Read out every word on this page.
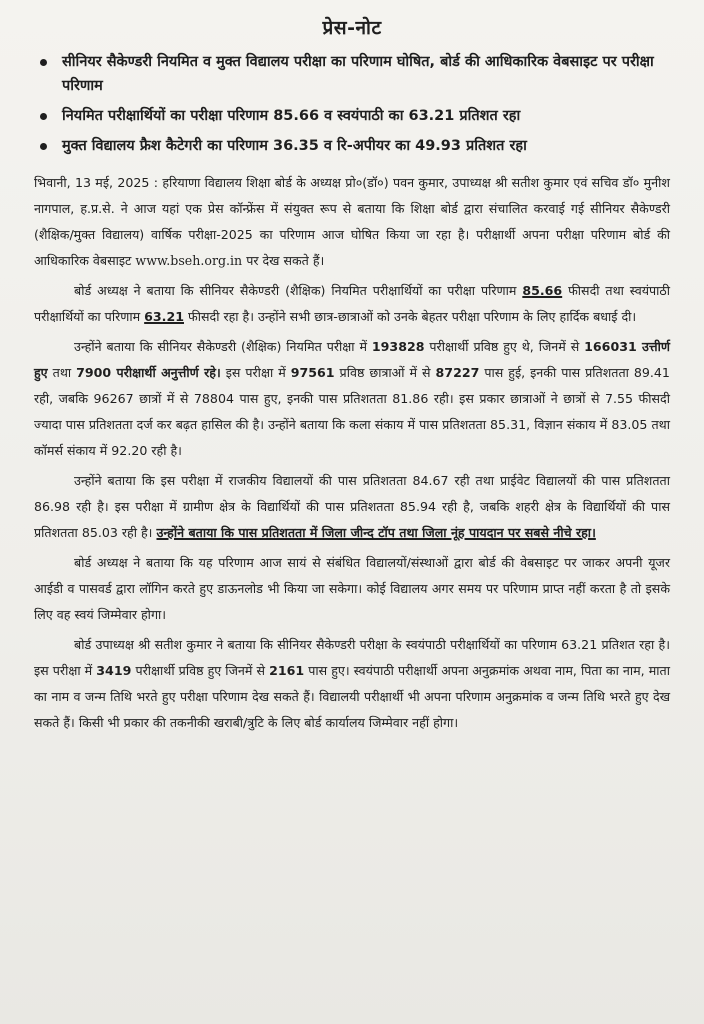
प्रेस-नोट
सीनियर सैकेण्डरी नियमित व मुक्त विद्यालय परीक्षा का परिणाम घोषित, बोर्ड की आधिकारिक वेबसाइट पर परीक्षा परिणाम
नियमित परीक्षार्थियों का परीक्षा परिणाम 85.66 व स्वयंपाठी का 63.21 प्रतिशत रहा
मुक्त विद्यालय फ्रैश कैटेगरी का परिणाम 36.35 व रि-अपीयर का 49.93 प्रतिशत रहा

भिवानी, 13 मई, 2025 : हरियाणा विद्यालय शिक्षा बोर्ड के अध्यक्ष प्रो०(डॉ०) पवन कुमार, उपाध्यक्ष श्री सतीश कुमार एवं सचिव डॉ० मुनीश नागपाल, ह.प्र.से. ने आज यहां एक प्रेस कॉन्फ्रेंस में संयुक्त रूप से बताया कि शिक्षा बोर्ड द्वारा संचालित करवाई गई सीनियर सैकेण्डरी (शैक्षिक/मुक्त विद्यालय) वार्षिक परीक्षा-2025 का परिणाम आज घोषित किया जा रहा है। परीक्षार्थी अपना परीक्षा परिणाम बोर्ड की आधिकारिक वेबसाइट www.bseh.org.in पर देख सकते हैं।

बोर्ड अध्यक्ष ने बताया कि सीनियर सैकेण्डरी (शैक्षिक) नियमित परीक्षार्थियों का परीक्षा परिणाम 85.66 फीसदी तथा स्वयंपाठी परीक्षार्थियों का परिणाम 63.21 फीसदी रहा है। उन्होंने सभी छात्र-छात्राओं को उनके बेहतर परीक्षा परिणाम के लिए हार्दिक बधाई दी।

उन्होंने बताया कि सीनियर सैकेण्डरी (शैक्षिक) नियमित परीक्षा में 193828 परीक्षार्थी प्रविष्ठ हुए थे, जिनमें से 166031 उत्तीर्ण हुए तथा 7900 परीक्षार्थी अनुत्तीर्ण रहे। इस परीक्षा में 97561 प्रविष्ठ छात्राओं में से 87227 पास हुई, इनकी पास प्रतिशतता 89.41 रही, जबकि 96267 छात्रों में से 78804 पास हुए, इनकी पास प्रतिशतता 81.86 रही। इस प्रकार छात्राओं ने छात्रों से 7.55 फीसदी ज्यादा पास प्रतिशतता दर्ज कर बढ़त हासिल की है। उन्होंने बताया कि कला संकाय में पास प्रतिशतता 85.31, विज्ञान संकाय में 83.05 तथा कॉमर्स संकाय में 92.20 रही है।

उन्होंने बताया कि इस परीक्षा में राजकीय विद्यालयों की पास प्रतिशतता 84.67 रही तथा प्राईवेट विद्यालयों की पास प्रतिशतता 86.98 रही है। इस परीक्षा में ग्रामीण क्षेत्र के विद्यार्थियों की पास प्रतिशतता 85.94 रही है, जबकि शहरी क्षेत्र के विद्यार्थियों की पास प्रतिशतता 85.03 रही है। उन्होंने बताया कि पास प्रतिशतता में जिला जीन्द टॉप तथा जिला नूंह पायदान पर सबसे नीचे रहा।

बोर्ड अध्यक्ष ने बताया कि यह परिणाम आज सायं से संबंधित विद्यालयों/संस्थाओं द्वारा बोर्ड की वेबसाइट पर जाकर अपनी यूजर आईडी व पासवर्ड द्वारा लॉगिन करते हुए डाऊनलोड भी किया जा सकेगा। कोई विद्यालय अगर समय पर परिणाम प्राप्त नहीं करता है तो इसके लिए वह स्वयं जिम्मेवार होगा।

बोर्ड उपाध्यक्ष श्री सतीश कुमार ने बताया कि सीनियर सैकेण्डरी परीक्षा के स्वयंपाठी परीक्षार्थियों का परिणाम 63.21 प्रतिशत रहा है। इस परीक्षा में 3419 परीक्षार्थी प्रविष्ठ हुए जिनमें से 2161 पास हुए। स्वयंपाठी परीक्षार्थी अपना अनुक्रमांक अथवा नाम, पिता का नाम, माता का नाम व जन्म तिथि भरते हुए परीक्षा परिणाम देख सकते हैं। विद्यालयी परीक्षार्थी भी अपना परिणाम अनुक्रमांक व जन्म तिथि भरते हुए देख सकते हैं। किसी भी प्रकार की तकनीकी खराबी/त्रुटि के लिए बोर्ड कार्यालय जिम्मेवार नहीं होगा।
